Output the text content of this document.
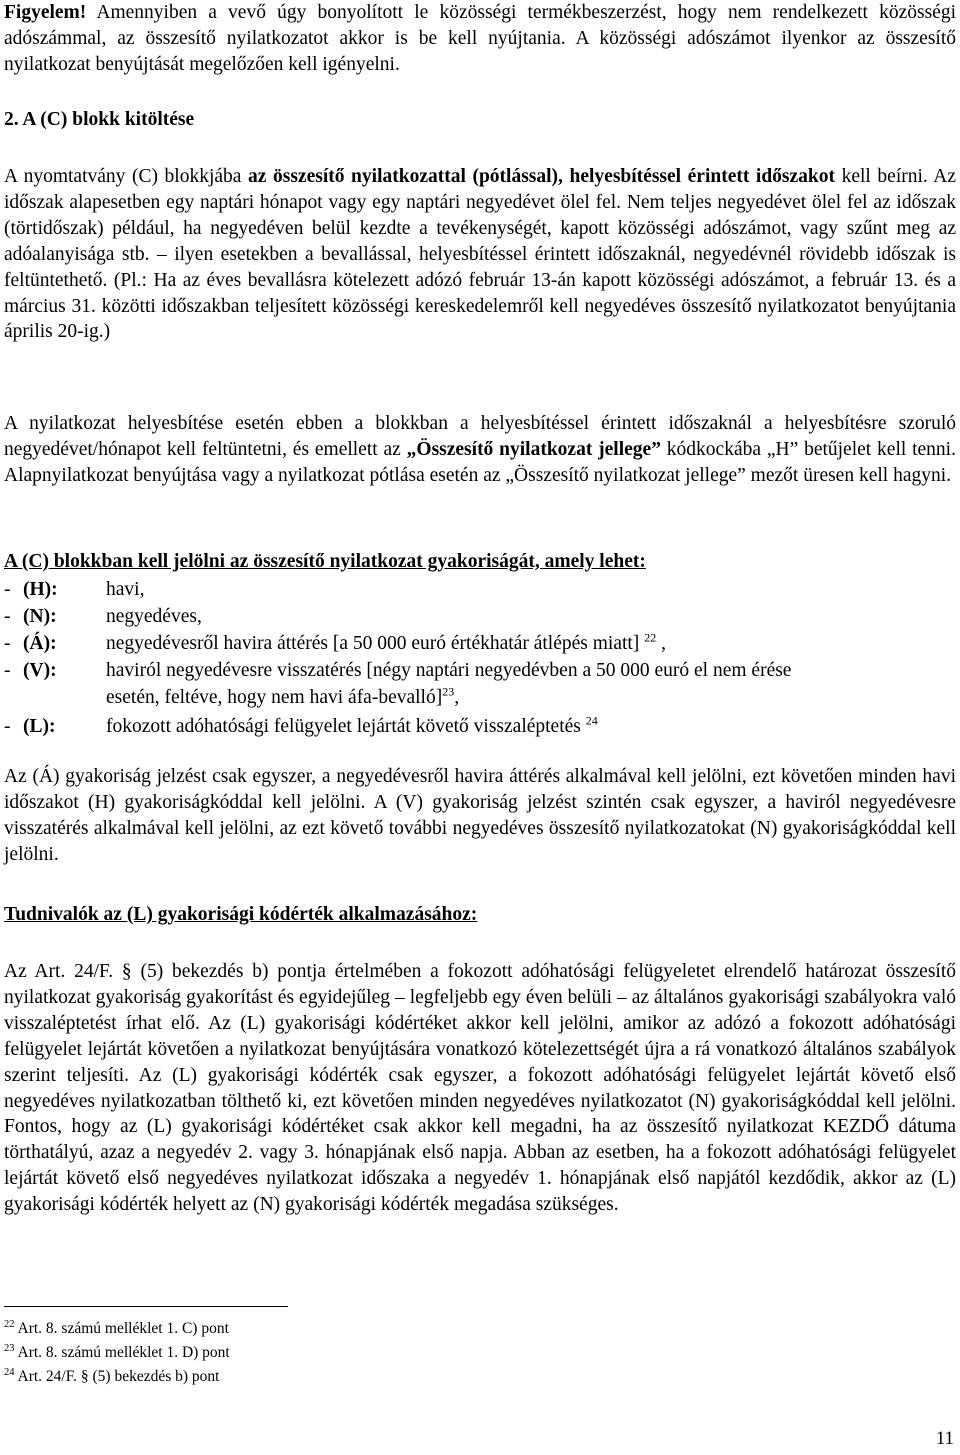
Figyelem! Amennyiben a vevő úgy bonyolított le közösségi termékbeszerzést, hogy nem rendelkezett közösségi adószámmal, az összesítő nyilatkozatot akkor is be kell nyújtania. A közösségi adószámot ilyenkor az összesítő nyilatkozat benyújtását megelőzően kell igényelni.

2. A (C) blokk kitöltése

A nyomtatvány (C) blokkjába az összesítő nyilatkozattal (pótlással), helyesbítéssel érintett időszakot kell beírni. Az időszak alapesetben egy naptári hónapot vagy egy naptári negyedévet ölel fel. Nem teljes negyedévet ölel fel az időszak (törtidőszak) például, ha negyedéven belül kezdte a tevékenységét, kapott közösségi adószámot, vagy szűnt meg az adóalanyisága stb. – ilyen esetekben a bevallással, helyesbítéssel érintett időszaknál, negyedévnél rövidebb időszak is feltüntethető. (Pl.: Ha az éves bevallásra kötelezett adózó február 13-án kapott közösségi adószámot, a február 13. és a március 31. közötti időszakban teljesített közösségi kereskedelemről kell negyedéves összesítő nyilatkozatot benyújtania április 20-ig.)

A nyilatkozat helyesbítése esetén ebben a blokkban a helyesbítéssel érintett időszaknál a helyesbítésre szoruló negyedévet/hónapot kell feltüntetni, és emellett az „Összesítő nyilatkozat jellege” kódkockába „H” betűjelet kell tenni. Alapnyilatkozat benyújtása vagy a nyilatkozat pótlása esetén az „Összesítő nyilatkozat jellege” mezőt üresen kell hagyni.

A (C) blokkban kell jelölni az összesítő nyilatkozat gyakoriságát, amely lehet:
- (H): havi,
- (N):	negyedéves,
- (Á):	negyedévesről havira áttérés [a 50 000 euró értékhatár átlépés miatt] $^{22}$ ,
- (V):	haviról negyedévesre visszatérés [négy naptári negyedévben a 50 000 euró el nem érése
esetén, feltéve, hogy nem havi áfa-bevalló]$^{23}$,
- (L):	fokozott adóhatósági felügyelet lejártát követő visszaléptetés $^{24}$

Az (Á) gyakoriság jelzést csak egyszer, a negyedévesről havira áttérés alkalmával kell jelölni, ezt követően minden havi időszakot (H) gyakoriságkóddal kell jelölni. A (V) gyakoriság jelzést szintén csak egyszer, a haviról negyedévesre visszatérés alkalmával kell jelölni, az ezt követő további negyedéves összesítő nyilatkozatokat (N) gyakoriságkóddal kell jelölni.

Tudnivalók az (L) gyakorisági kódérték alkalmazásához:

Az Art. 24/F. § (5) bekezdés b) pontja értelmében a fokozott adóhatósági felügyeletet elrendelő határozat összesítő nyilatkozat gyakoriság gyakorítást és egyidejűleg – legfeljebb egy éven belüli – az általános gyakorisági szabályokra való visszaléptetést írhat elő. Az (L) gyakorisági kódértéket akkor kell jelölni, amikor az adózó a fokozott adóhatósági felügyelet lejártát követően a nyilatkozat benyújtására vonatkozó kötelezettségét újra a rá vonatkozó általános szabályok szerint teljesíti. Az (L) gyakorisági kódérték csak egyszer, a fokozott adóhatósági felügyelet lejártát követő első negyedéves nyilatkozatban tölthető ki, ezt követően minden negyedéves nyilatkozatot (N) gyakoriságkóddal kell jelölni. Fontos, hogy az (L) gyakorisági kódértéket csak akkor kell megadni, ha az összesítő nyilatkozat KEZDŐ dátuma törthatályú, azaz a negyedév 2. vagy 3. hónapjának első napja. Abban az esetben, ha a fokozott adóhatósági felügyelet lejártát követő első negyedéves nyilatkozat időszaka a negyedév 1. hónapjának első napjától kezdődik, akkor az (L) gyakorisági kódérték helyett az (N) gyakorisági kódérték megadása szükséges.

$^{22}$ Art. 8. számú melléklet 1. C) pont
$^{23}$ Art. 8. számú melléklet 1. D) pont
$^{24}$ Art. 24/F. § (5) bekezdés b) pont
11
